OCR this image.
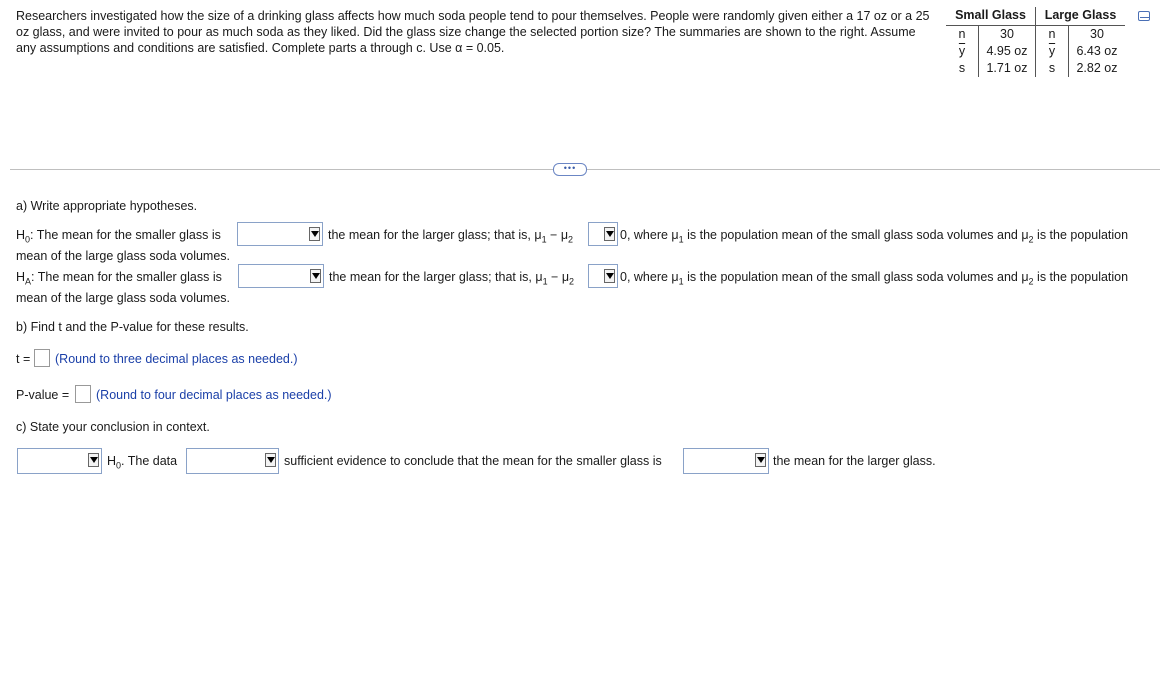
Researchers investigated how the size of a drinking glass affects how much soda people tend to pour themselves. People were randomly given either a 17 oz or a 25 oz glass, and were invited to pour as much soda as they liked. Did the glass size change the selected portion size? The summaries are shown to the right. Assume any assumptions and conditions are satisfied. Complete parts a through c. Use α = 0.05.
Small Glass		Large Glass	
n	30	n	30
$\overline{y}$	4.95 oz	$\overline{y}$	6.43 oz
s	1.71 oz	s	2.82 oz
•••
a) Write appropriate hypotheses.
$H_0$: The mean for the smaller glass is	the mean for the larger glass; that is, $\mu_1 - \mu_2$	0, where $\mu_1$ is the population mean of the small glass soda volumes and $\mu_2$ is the population
mean of the large glass soda volumes.
$H_A$: The mean for the smaller glass is	the mean for the larger glass; that is, $\mu_1 - \mu_2$	0, where $\mu_1$ is the population mean of the small glass soda volumes and $\mu_2$ is the population
mean of the large glass soda volumes.
b) Find t and the P-value for these results.
t = (Round to three decimal places as needed.)
P-value = (Round to four decimal places as needed.)
c) State your conclusion in context.
$H_0$. The data	sufficient evidence to conclude that the mean for the smaller glass is	the mean for the larger glass.
